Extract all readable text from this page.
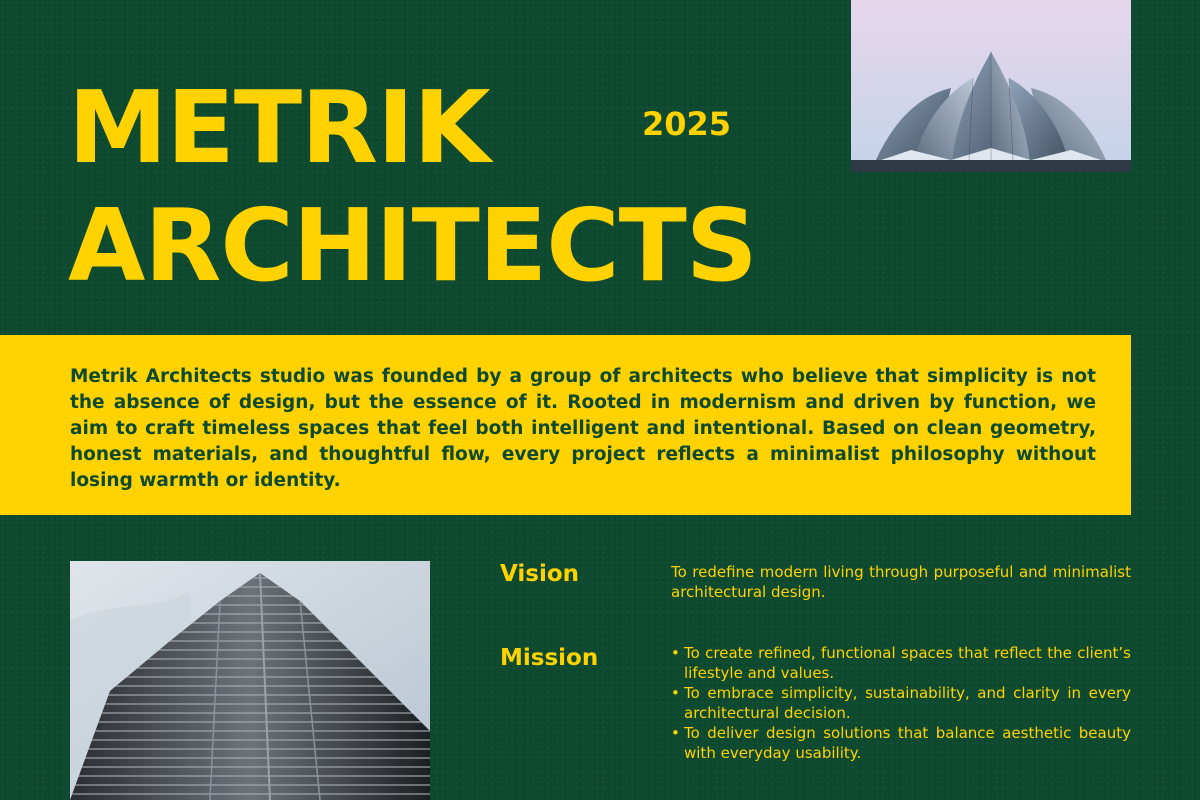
METRIK
ARCHITECTS
2025

Metrik Architects studio was founded by a group of architects who believe that simplicity is not the absence of design, but the essence of it. Rooted in modernism and driven by function, we aim to craft timeless spaces that feel both intelligent and intentional. Based on clean geometry, honest materials, and thoughtful flow, every project reflects a minimalist philosophy without losing warmth or identity.

Vision	To redefine modern living through purposeful and minimalist architectural design.

Mission	• To create refined, functional spaces that reflect the client’s lifestyle and values.
• To embrace simplicity, sustainability, and clarity in every architectural decision.
• To deliver design solutions that balance aesthetic beauty with everyday usability.
